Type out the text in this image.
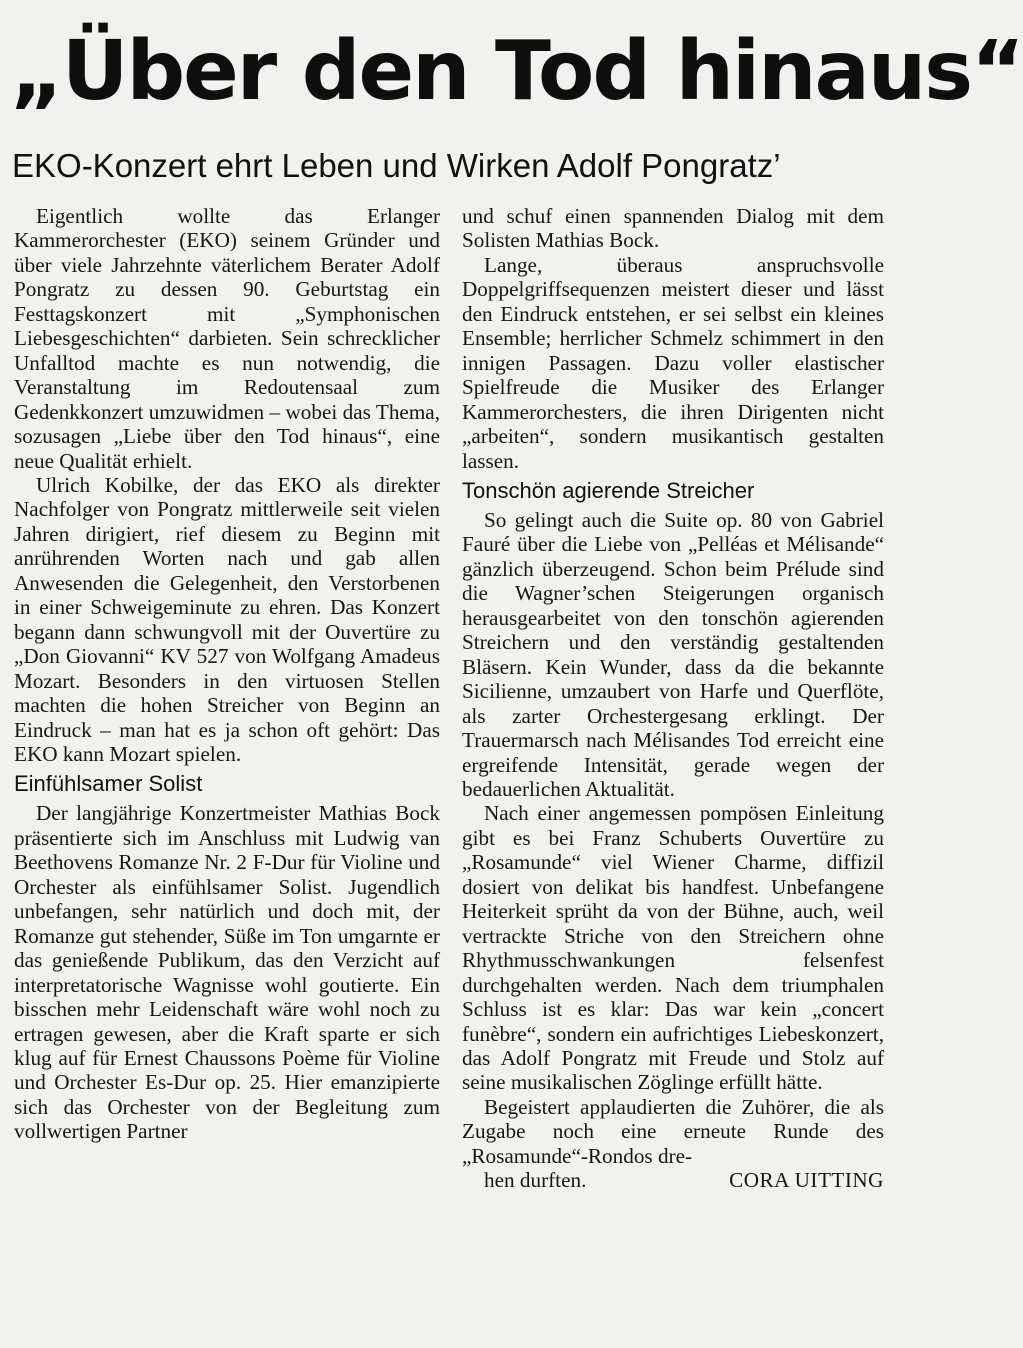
„Über den Tod hinaus“
EKO-Konzert ehrt Leben und Wirken Adolf Pongratz’

Eigentlich wollte das Erlanger Kammerorchester (EKO) seinem Gründer und über viele Jahrzehnte väterlichem Berater Adolf Pongratz zu dessen 90. Geburtstag ein Festtagskonzert mit „Symphonischen Liebesgeschichten“ darbieten. Sein schrecklicher Unfalltod machte es nun notwendig, die Veranstaltung im Redoutensaal zum Gedenkkonzert umzuwidmen – wobei das Thema, sozusagen „Liebe über den Tod hinaus“, eine neue Qualität erhielt.

Ulrich Kobilke, der das EKO als direkter Nachfolger von Pongratz mittlerweile seit vielen Jahren dirigiert, rief diesem zu Beginn mit anrührenden Worten nach und gab allen Anwesenden die Gelegenheit, den Verstorbenen in einer Schweigeminute zu ehren. Das Konzert begann dann schwungvoll mit der Ouvertüre zu „Don Giovanni“ KV 527 von Wolfgang Amadeus Mozart. Besonders in den virtuosen Stellen machten die hohen Streicher von Beginn an Eindruck – man hat es ja schon oft gehört: Das EKO kann Mozart spielen.

Einfühlsamer Solist

Der langjährige Konzertmeister Mathias Bock präsentierte sich im Anschluss mit Ludwig van Beethovens Romanze Nr. 2 F-Dur für Violine und Orchester als einfühlsamer Solist. Jugendlich unbefangen, sehr natürlich und doch mit, der Romanze gut stehender, Süße im Ton umgarnte er das genießende Publikum, das den Verzicht auf interpretatorische Wagnisse wohl goutierte. Ein bisschen mehr Leidenschaft wäre wohl noch zu ertragen gewesen, aber die Kraft sparte er sich klug auf für Ernest Chaussons Poème für Violine und Orchester Es-Dur op. 25. Hier emanzipierte sich das Orchester von der Begleitung zum vollwertigen Partner

und schuf einen spannenden Dialog mit dem Solisten Mathias Bock.

Lange, überaus anspruchsvolle Doppelgriffsequenzen meistert dieser und lässt den Eindruck entstehen, er sei selbst ein kleines Ensemble; herrlicher Schmelz schimmert in den innigen Passagen. Dazu voller elastischer Spielfreude die Musiker des Erlanger Kammerorchesters, die ihren Dirigenten nicht „arbeiten“, sondern musikantisch gestalten lassen.

Tonschön agierende Streicher

So gelingt auch die Suite op. 80 von Gabriel Fauré über die Liebe von „Pelléas et Mélisande“ gänzlich überzeugend. Schon beim Prélude sind die Wagner’schen Steigerungen organisch herausgearbeitet von den tonschön agierenden Streichern und den verständig gestaltenden Bläsern. Kein Wunder, dass da die bekannte Sicilienne, umzaubert von Harfe und Querflöte, als zarter Orchestergesang erklingt. Der Trauermarsch nach Mélisandes Tod erreicht eine ergreifende Intensität, gerade wegen der bedauerlichen Aktualität.

Nach einer angemessen pompösen Einleitung gibt es bei Franz Schuberts Ouvertüre zu „Rosamunde“ viel Wiener Charme, diffizil dosiert von delikat bis handfest. Unbefangene Heiterkeit sprüht da von der Bühne, auch, weil vertrackte Striche von den Streichern ohne Rhythmusschwankungen felsenfest durchgehalten werden. Nach dem triumphalen Schluss ist es klar: Das war kein „concert funèbre“, sondern ein aufrichtiges Liebeskonzert, das Adolf Pongratz mit Freude und Stolz auf seine musikalischen Zöglinge erfüllt hätte.

Begeistert applaudierten die Zuhörer, die als Zugabe noch eine erneute Runde des „Rosamunde“-Rondos dre-

hen durften.	CORA UITTING
